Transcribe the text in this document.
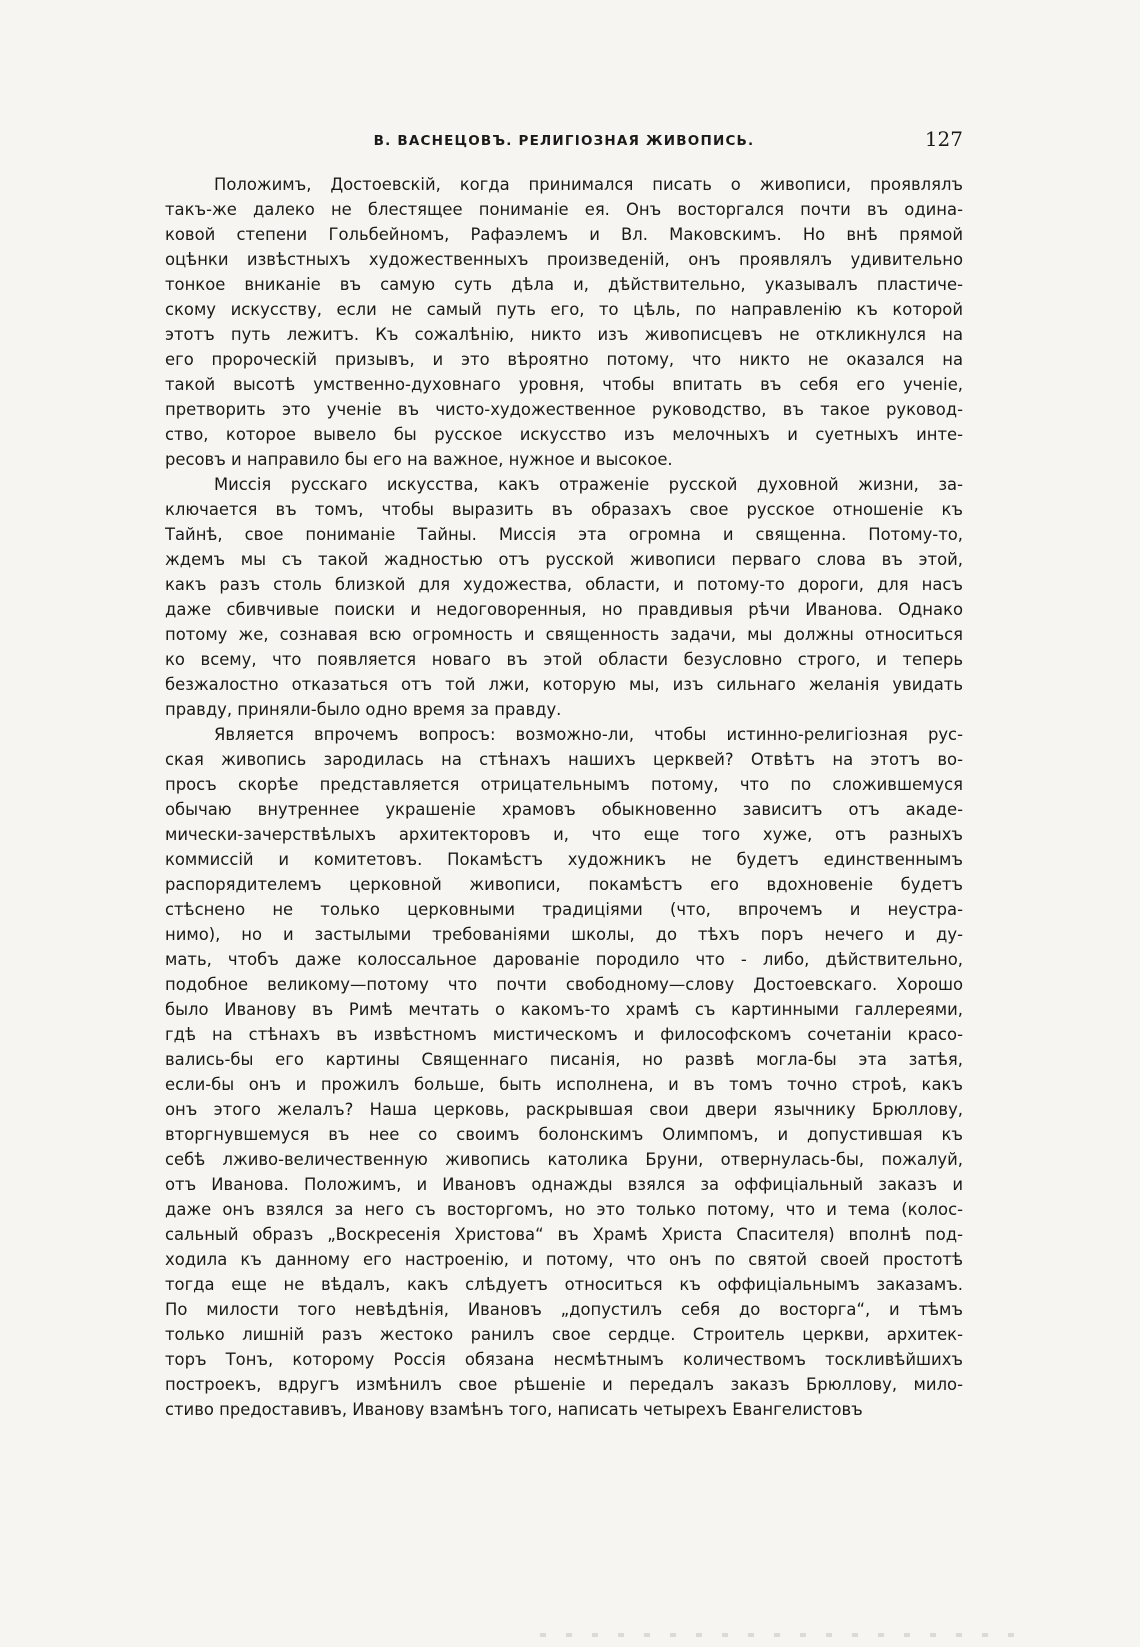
В. ВАСНЕЦОВЪ. РЕЛИГІОЗНАЯ ЖИВОПИСЬ.	127
Положимъ, Достоевскій, когда принимался писать о живописи, проявлялъ
такъ-же далеко не блестящее пониманіе ея. Онъ восторгался почти въ одина-
ковой степени Гольбейномъ, Рафаэлемъ и Вл. Маковскимъ. Но внѣ прямой
оцѣнки извѣстныхъ художественныхъ произведеній, онъ проявлялъ удивительно
тонкое вниканіе въ самую суть дѣла и, дѣйствительно, указывалъ пластиче-
скому искусству, если не самый путь его, то цѣль, по направленію къ которой
этотъ путь лежитъ. Къ сожалѣнію, никто изъ живописцевъ не откликнулся на
его пророческій призывъ, и это вѣроятно потому, что никто не оказался на
такой высотѣ умственно-духовнаго уровня, чтобы впитать въ себя его ученіе,
претворить это ученіе въ чисто-художественное руководство, въ такое руковод-
ство, которое вывело бы русское искусство изъ мелочныхъ и суетныхъ инте-
ресовъ и направило бы его на важное, нужное и высокое.
Миссія русскаго искусства, какъ отраженіе русской духовной жизни, за-
ключается въ томъ, чтобы выразить въ образахъ свое русское отношеніе къ
Тайнѣ, свое пониманіе Тайны. Миссія эта огромна и священна. Потому-то,
ждемъ мы съ такой жадностью отъ русской живописи перваго слова въ этой,
какъ разъ столь близкой для художества, области, и потому-то дороги, для насъ
даже сбивчивые поиски и недоговоренныя, но правдивыя рѣчи Иванова. Однако
потому же, сознавая всю огромность и священность задачи, мы должны относиться
ко всему, что появляется новаго въ этой области безусловно строго, и теперь
безжалостно отказаться отъ той лжи, которую мы, изъ сильнаго желанія увидать
правду, приняли-было одно время за правду.
Является впрочемъ вопросъ: возможно-ли, чтобы истинно-религіозная рус-
ская живопись зародилась на стѣнахъ нашихъ церквей? Отвѣтъ на этотъ во-
просъ скорѣе представляется отрицательнымъ потому, что по сложившемуся
обычаю внутреннее украшеніе храмовъ обыкновенно зависитъ отъ акаде-
мически-зачерствѣлыхъ архитекторовъ и, что еще того хуже, отъ разныхъ
коммиссій и комитетовъ. Покамѣстъ художникъ не будетъ единственнымъ
распорядителемъ церковной живописи, покамѣстъ его вдохновеніе будетъ
стѣснено не только церковными традиціями (что, впрочемъ и неустра-
нимо), но и застылыми требованіями школы, до тѣхъ поръ нечего и ду-
мать, чтобъ даже колоссальное дарованіе породило что - либо, дѣйствительно,
подобное великому—потому что почти свободному—слову Достоевскаго. Хорошо
было Иванову въ Римѣ мечтать о какомъ-то храмѣ съ картинными галлереями,
гдѣ на стѣнахъ въ извѣстномъ мистическомъ и философскомъ сочетаніи красо-
вались-бы его картины Священнаго писанія, но развѣ могла-бы эта затѣя,
если-бы онъ и прожилъ больше, быть исполнена, и въ томъ точно строѣ, какъ
онъ этого желалъ? Наша церковь, раскрывшая свои двери язычнику Брюллову,
вторгнувшемуся въ нее со своимъ болонскимъ Олимпомъ, и допустившая къ
себѣ лживо-величественную живопись католика Бруни, отвернулась-бы, пожалуй,
отъ Иванова. Положимъ, и Ивановъ однажды взялся за оффиціальный заказъ и
даже онъ взялся за него съ восторгомъ, но это только потому, что и тема (колос-
сальный образъ „Воскресенія Христова“ въ Храмѣ Христа Спасителя) вполнѣ под-
ходила къ данному его настроенію, и потому, что онъ по святой своей простотѣ
тогда еще не вѣдалъ, какъ слѣдуетъ относиться къ оффиціальнымъ заказамъ.
По милости того невѣдѣнія, Ивановъ „допустилъ себя до восторга“, и тѣмъ
только лишній разъ жестоко ранилъ свое сердце. Строитель церкви, архитек-
торъ Тонъ, которому Россія обязана несмѣтнымъ количествомъ тоскливѣйшихъ
построекъ, вдругъ измѣнилъ свое рѣшеніе и передалъ заказъ Брюллову, мило-
стиво предоставивъ, Иванову взамѣнъ того, написать четырехъ Евангелистовъ
